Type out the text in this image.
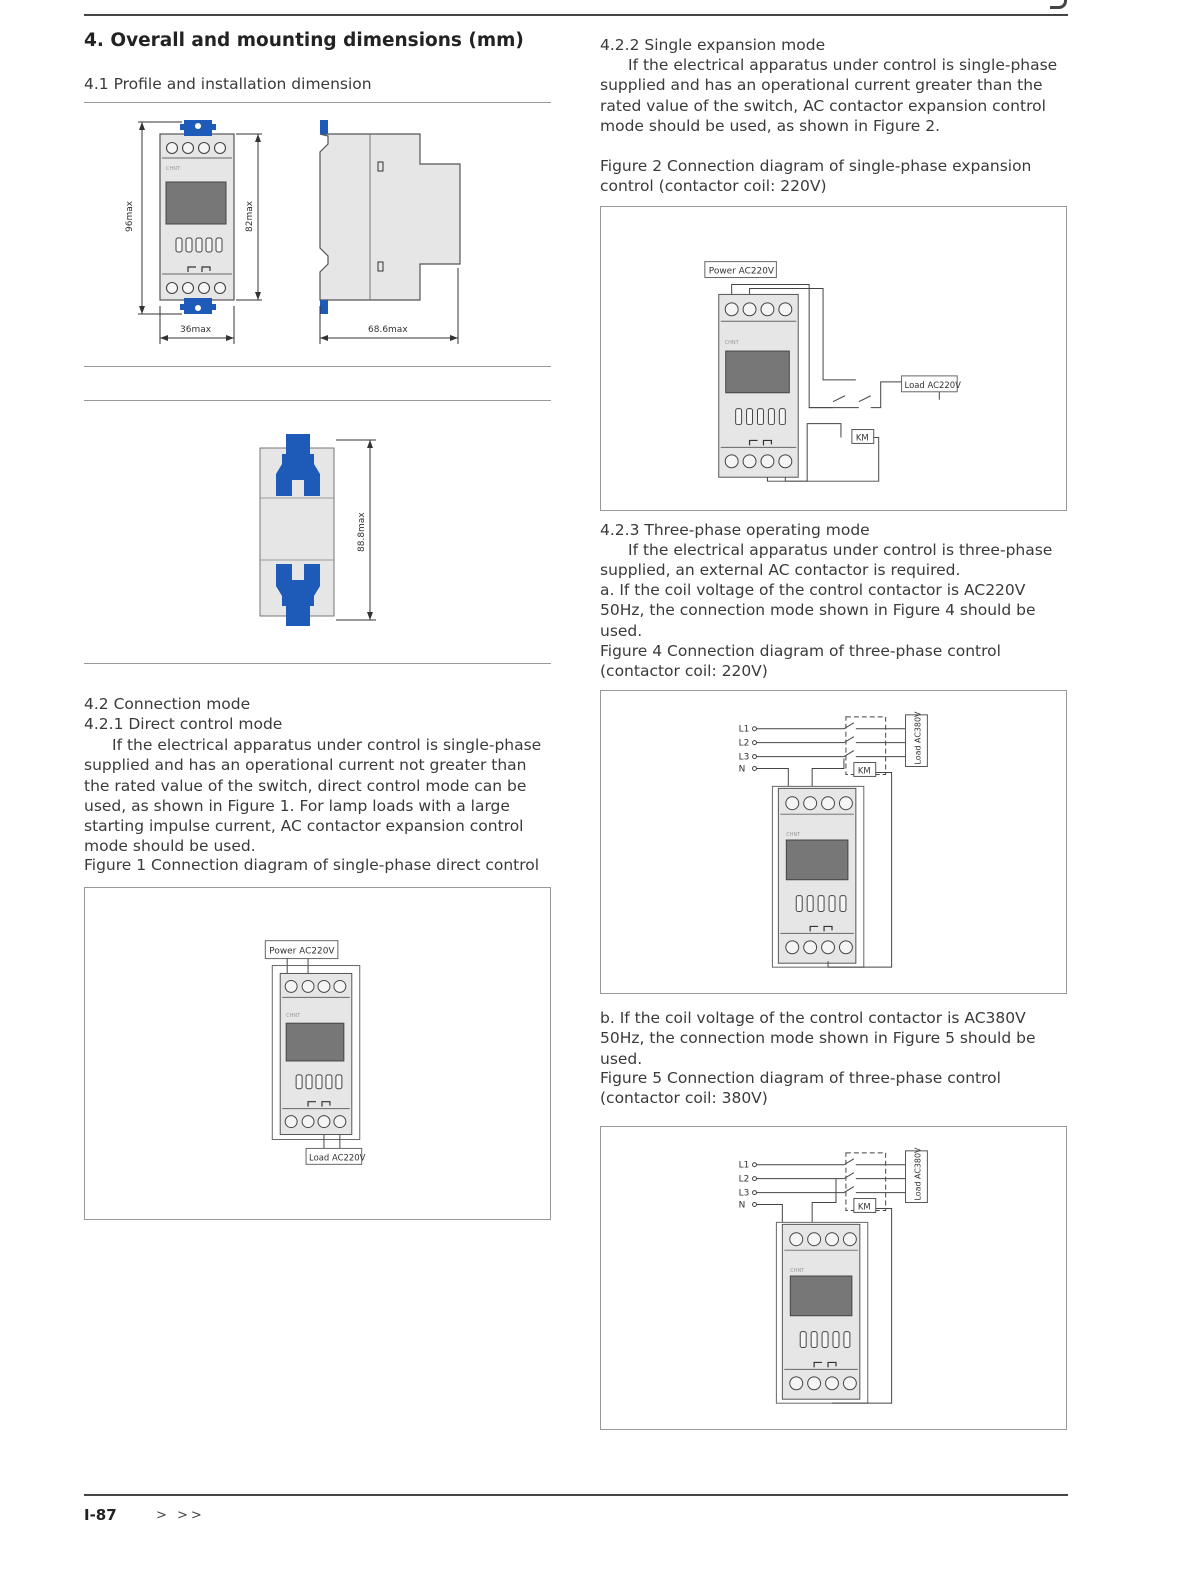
4. Overall and mounting dimensions (mm)
4.1 Profile and installation dimension
CHNT
96max	82max
36max	68.6max
88.8max
4.2 Connection mode
4.2.1 Direct control mode
If the electrical apparatus under control is single-phase supplied and has an operational current not greater than the rated value of the switch, direct control mode can be used, as shown in Figure 1. For lamp loads with a large starting impulse current, AC contactor expansion control mode should be used.
Figure 1 Connection diagram of single-phase direct control
Power AC220V
CHNT
Load AC220V
4.2.2 Single expansion mode
If the electrical apparatus under control is single-phase supplied and has an operational current greater than the rated value of the switch, AC contactor expansion control mode should be used, as shown in Figure 2.
Figure 2 Connection diagram of single-phase expansion control (contactor coil: 220V)
Power AC220V
CHNT
Load AC220V
KM
4.2.3 Three-phase operating mode
If the electrical apparatus under control is three-phase supplied, an external AC contactor is required.
a. If the coil voltage of the control contactor is AC220V 50Hz, the connection mode shown in Figure 4 should be used.
Figure 4 Connection diagram of three-phase control (contactor coil: 220V)
L1
L2
L3
N
Load AC380V
KM
CHNT
b. If the coil voltage of the control contactor is AC380V 50Hz, the connection mode shown in Figure 5 should be used.
Figure 5 Connection diagram of three-phase control (contactor coil: 380V)
L1
L2
L3
N
Load AC380V
KM
CHNT
I-87	> >>
